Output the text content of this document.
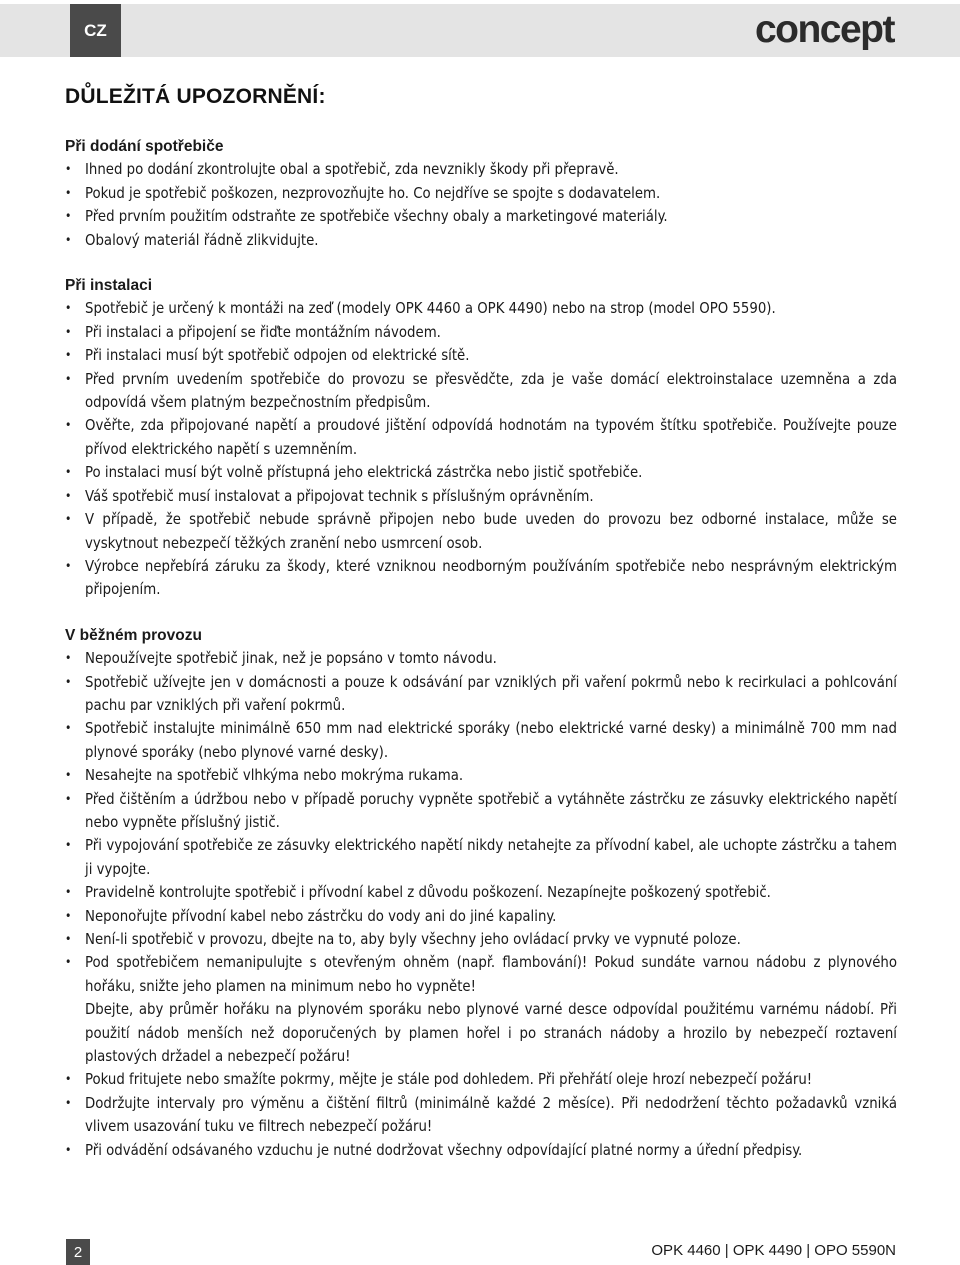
CZ	concept
DŮLEŽITÁ UPOZORNĚNÍ:
Při dodání spotřebiče
• Ihned po dodání zkontrolujte obal a spotřebič, zda nevznikly škody při přepravě.
• Pokud je spotřebič poškozen, nezprovozňujte ho. Co nejdříve se spojte s dodavatelem.
• Před prvním použitím odstraňte ze spotřebiče všechny obaly a marketingové materiály.
• Obalový materiál řádně zlikvidujte.
Při instalaci
• Spotřebič je určený k montáži na zeď (modely OPK 4460 a OPK 4490) nebo na strop (model OPO 5590).
• Při instalaci a připojení se řiďte montážním návodem.
• Při instalaci musí být spotřebič odpojen od elektrické sítě.
• Před prvním uvedením spotřebiče do provozu se přesvědčte, zda je vaše domácí elektroinstalace uzemněna a zda odpovídá všem platným bezpečnostním předpisům.
• Ověřte, zda připojované napětí a proudové jištění odpovídá hodnotám na typovém štítku spotřebiče. Používejte pouze přívod elektrického napětí s uzemněním.
• Po instalaci musí být volně přístupná jeho elektrická zástrčka nebo jistič spotřebiče.
• Váš spotřebič musí instalovat a připojovat technik s příslušným oprávněním.
• V případě, že spotřebič nebude správně připojen nebo bude uveden do provozu bez odborné instalace, může se vyskytnout nebezpečí těžkých zranění nebo usmrcení osob.
• Výrobce nepřebírá záruku za škody, které vzniknou neodborným používáním spotřebiče nebo nesprávným elektrickým připojením.
V běžném provozu
• Nepoužívejte spotřebič jinak, než je popsáno v tomto návodu.
• Spotřebič užívejte jen v domácnosti a pouze k odsávání par vzniklých při vaření pokrmů nebo k recirkulaci a pohlcování pachu par vzniklých při vaření pokrmů.
• Spotřebič instalujte minimálně 650 mm nad elektrické sporáky (nebo elektrické varné desky) a minimálně 700 mm nad plynové sporáky (nebo plynové varné desky).
• Nesahejte na spotřebič vlhkýma nebo mokrýma rukama.
• Před čištěním a údržbou nebo v případě poruchy vypněte spotřebič a vytáhněte zástrčku ze zásuvky elektrického napětí nebo vypněte příslušný jistič.
• Při vypojování spotřebiče ze zásuvky elektrického napětí nikdy netahejte za přívodní kabel, ale uchopte zástrčku a tahem ji vypojte.
• Pravidelně kontrolujte spotřebič i přívodní kabel z důvodu poškození. Nezapínejte poškozený spotřebič.
• Neponořujte přívodní kabel nebo zástrčku do vody ani do jiné kapaliny.
• Není-li spotřebič v provozu, dbejte na to, aby byly všechny jeho ovládací prvky ve vypnuté poloze.
• Pod spotřebičem nemanipulujte s otevřeným ohněm (např. flambování)! Pokud sundáte varnou nádobu z plynového hořáku, snižte jeho plamen na minimum nebo ho vypněte!
Dbejte, aby průměr hořáku na plynovém sporáku nebo plynové varné desce odpovídal použitému varnému nádobí. Při použití nádob menších než doporučených by plamen hořel i po stranách nádoby a hrozilo by nebezpečí roztavení plastových držadel a nebezpečí požáru!
• Pokud fritujete nebo smažíte pokrmy, mějte je stále pod dohledem. Při přehřátí oleje hrozí nebezpečí požáru!
• Dodržujte intervaly pro výměnu a čištění filtrů (minimálně každé 2 měsíce). Při nedodržení těchto požadavků vzniká vlivem usazování tuku ve filtrech nebezpečí požáru!
• Při odvádění odsávaného vzduchu je nutné dodržovat všechny odpovídající platné normy a úřední předpisy.
2	OPK 4460 | OPK 4490 | OPO 5590N
